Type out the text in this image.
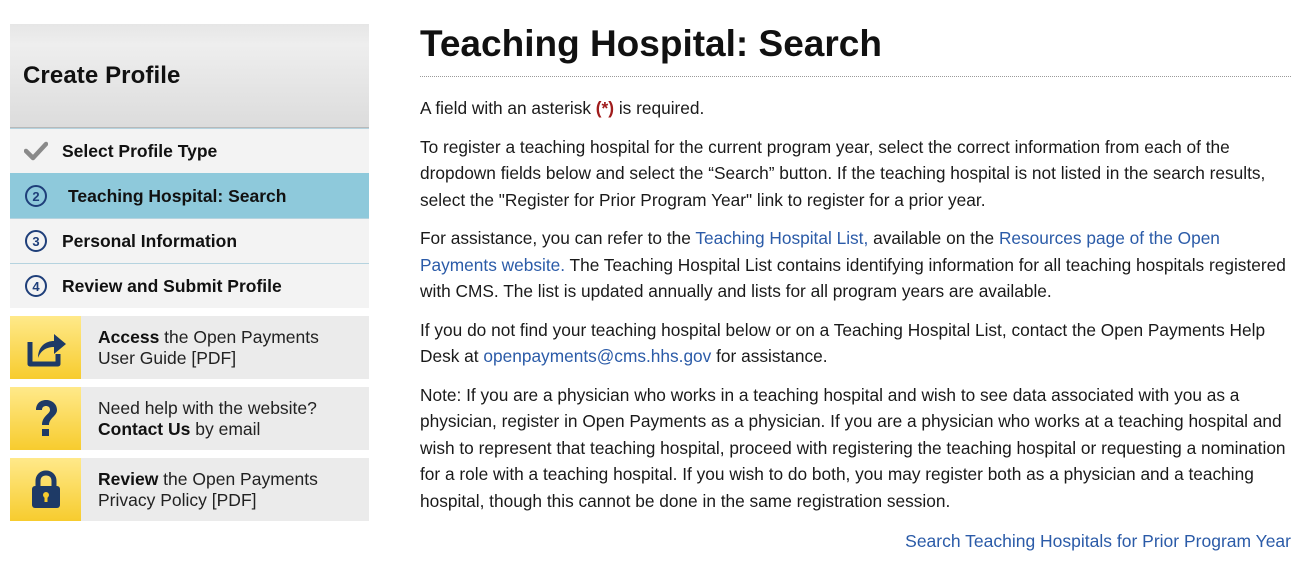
Create Profile
Select Profile Type
2	Teaching Hospital: Search
3	Personal Information
4	Review and Submit Profile
Access the Open Payments
User Guide [PDF]
Need help with the website?
Contact Us by email
Review the Open Payments
Privacy Policy [PDF]
Teaching Hospital: Search

A field with an asterisk (*) is required.

To register a teaching hospital for the current program year, select the correct information from each of the dropdown fields below and select the “Search” button. If the teaching hospital is not listed in the search results, select the "Register for Prior Program Year" link to register for a prior year.

For assistance, you can refer to the Teaching Hospital List, available on the Resources page of the Open Payments website. The Teaching Hospital List contains identifying information for all teaching hospitals registered with CMS. The list is updated annually and lists for all program years are available.

If you do not find your teaching hospital below or on a Teaching Hospital List, contact the Open Payments Help Desk at openpayments@cms.hhs.gov for assistance.

Note: If you are a physician who works in a teaching hospital and wish to see data associated with you as a physician, register in Open Payments as a physician. If you are a physician who works at a teaching hospital and wish to represent that teaching hospital, proceed with registering the teaching hospital or requesting a nomination for a role with a teaching hospital. If you wish to do both, you may register both as a physician and a teaching hospital, though this cannot be done in the same registration session.

Search Teaching Hospitals for Prior Program Year
